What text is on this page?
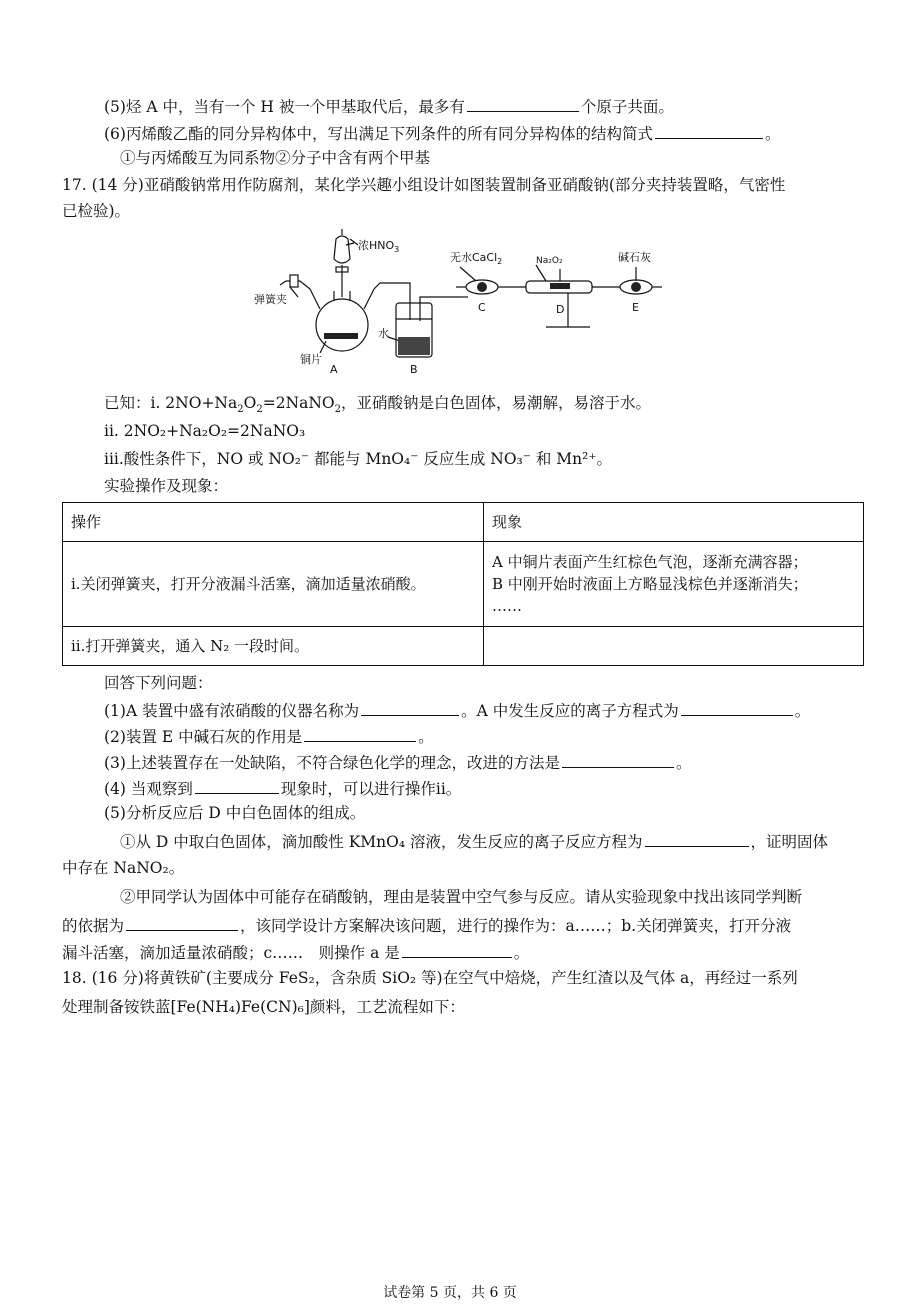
(5)烃 A 中，当有一个 H 被一个甲基取代后，最多有	个原子共面。
(6)丙烯酸乙酯的同分异构体中，写出满足下列条件的所有同分异构体的结构简式	。
①与丙烯酸互为同系物②分子中含有两个甲基
17. (14 分)亚硝酸钠常用作防腐剂，某化学兴趣小组设计如图装置制备亚硝酸钠(部分夹持装置略，气密性
已检验)。
浓$HNO_3$
弹簧夹
铜片
水
无水CaCl$_2$	Na₂O₂	碱石灰
A	B
C	D	E
已知：i. $2NO+Na_2O_2=2NaNO_2$，亚硝酸钠是白色固体，易潮解，易溶于水。
ii. 2NO₂+Na₂O₂=2NaNO₃
iii.酸性条件下，NO 或 NO₂⁻ 都能与 MnO₄⁻ 反应生成 NO₃⁻ 和 Mn²⁺。
实验操作及现象：
操作	现象
i.关闭弹簧夹，打开分液漏斗活塞，滴加适量浓硝酸。	A 中铜片表面产生红棕色气泡，逐渐充满容器；
B 中刚开始时液面上方略显浅棕色并逐渐消失；
……

ii.打开弹簧夹，通入 N₂ 一段时间。	
回答下列问题：
(1)A 装置中盛有浓硝酸的仪器名称为	。A 中发生反应的离子方程式为	。
(2)装置 E 中碱石灰的作用是	。
(3)上述装置存在一处缺陷，不符合绿色化学的理念，改进的方法是	。
(4) 当观察到	现象时，可以进行操作ii。
(5)分析反应后 D 中白色固体的组成。
①从 D 中取白色固体，滴加酸性 KMnO₄ 溶液，发生反应的离子反应方程为	，证明固体
中存在 NaNO₂。
②甲同学认为固体中可能存在硝酸钠，理由是装置中空气参与反应。请从实验现象中找出该同学判断
的依据为	，该同学设计方案解决该问题，进行的操作为：a……；b.关闭弹簧夹，打开分液
漏斗活塞，滴加适量浓硝酸；c……　则操作 a 是	。
18. (16 分)将黄铁矿(主要成分 FeS₂，含杂质 SiO₂ 等)在空气中焙烧，产生红渣以及气体 a，再经过一系列
处理制备铵铁蓝[Fe(NH₄)Fe(CN)₆]颜料，工艺流程如下：
试卷第 5 页，共 6 页
